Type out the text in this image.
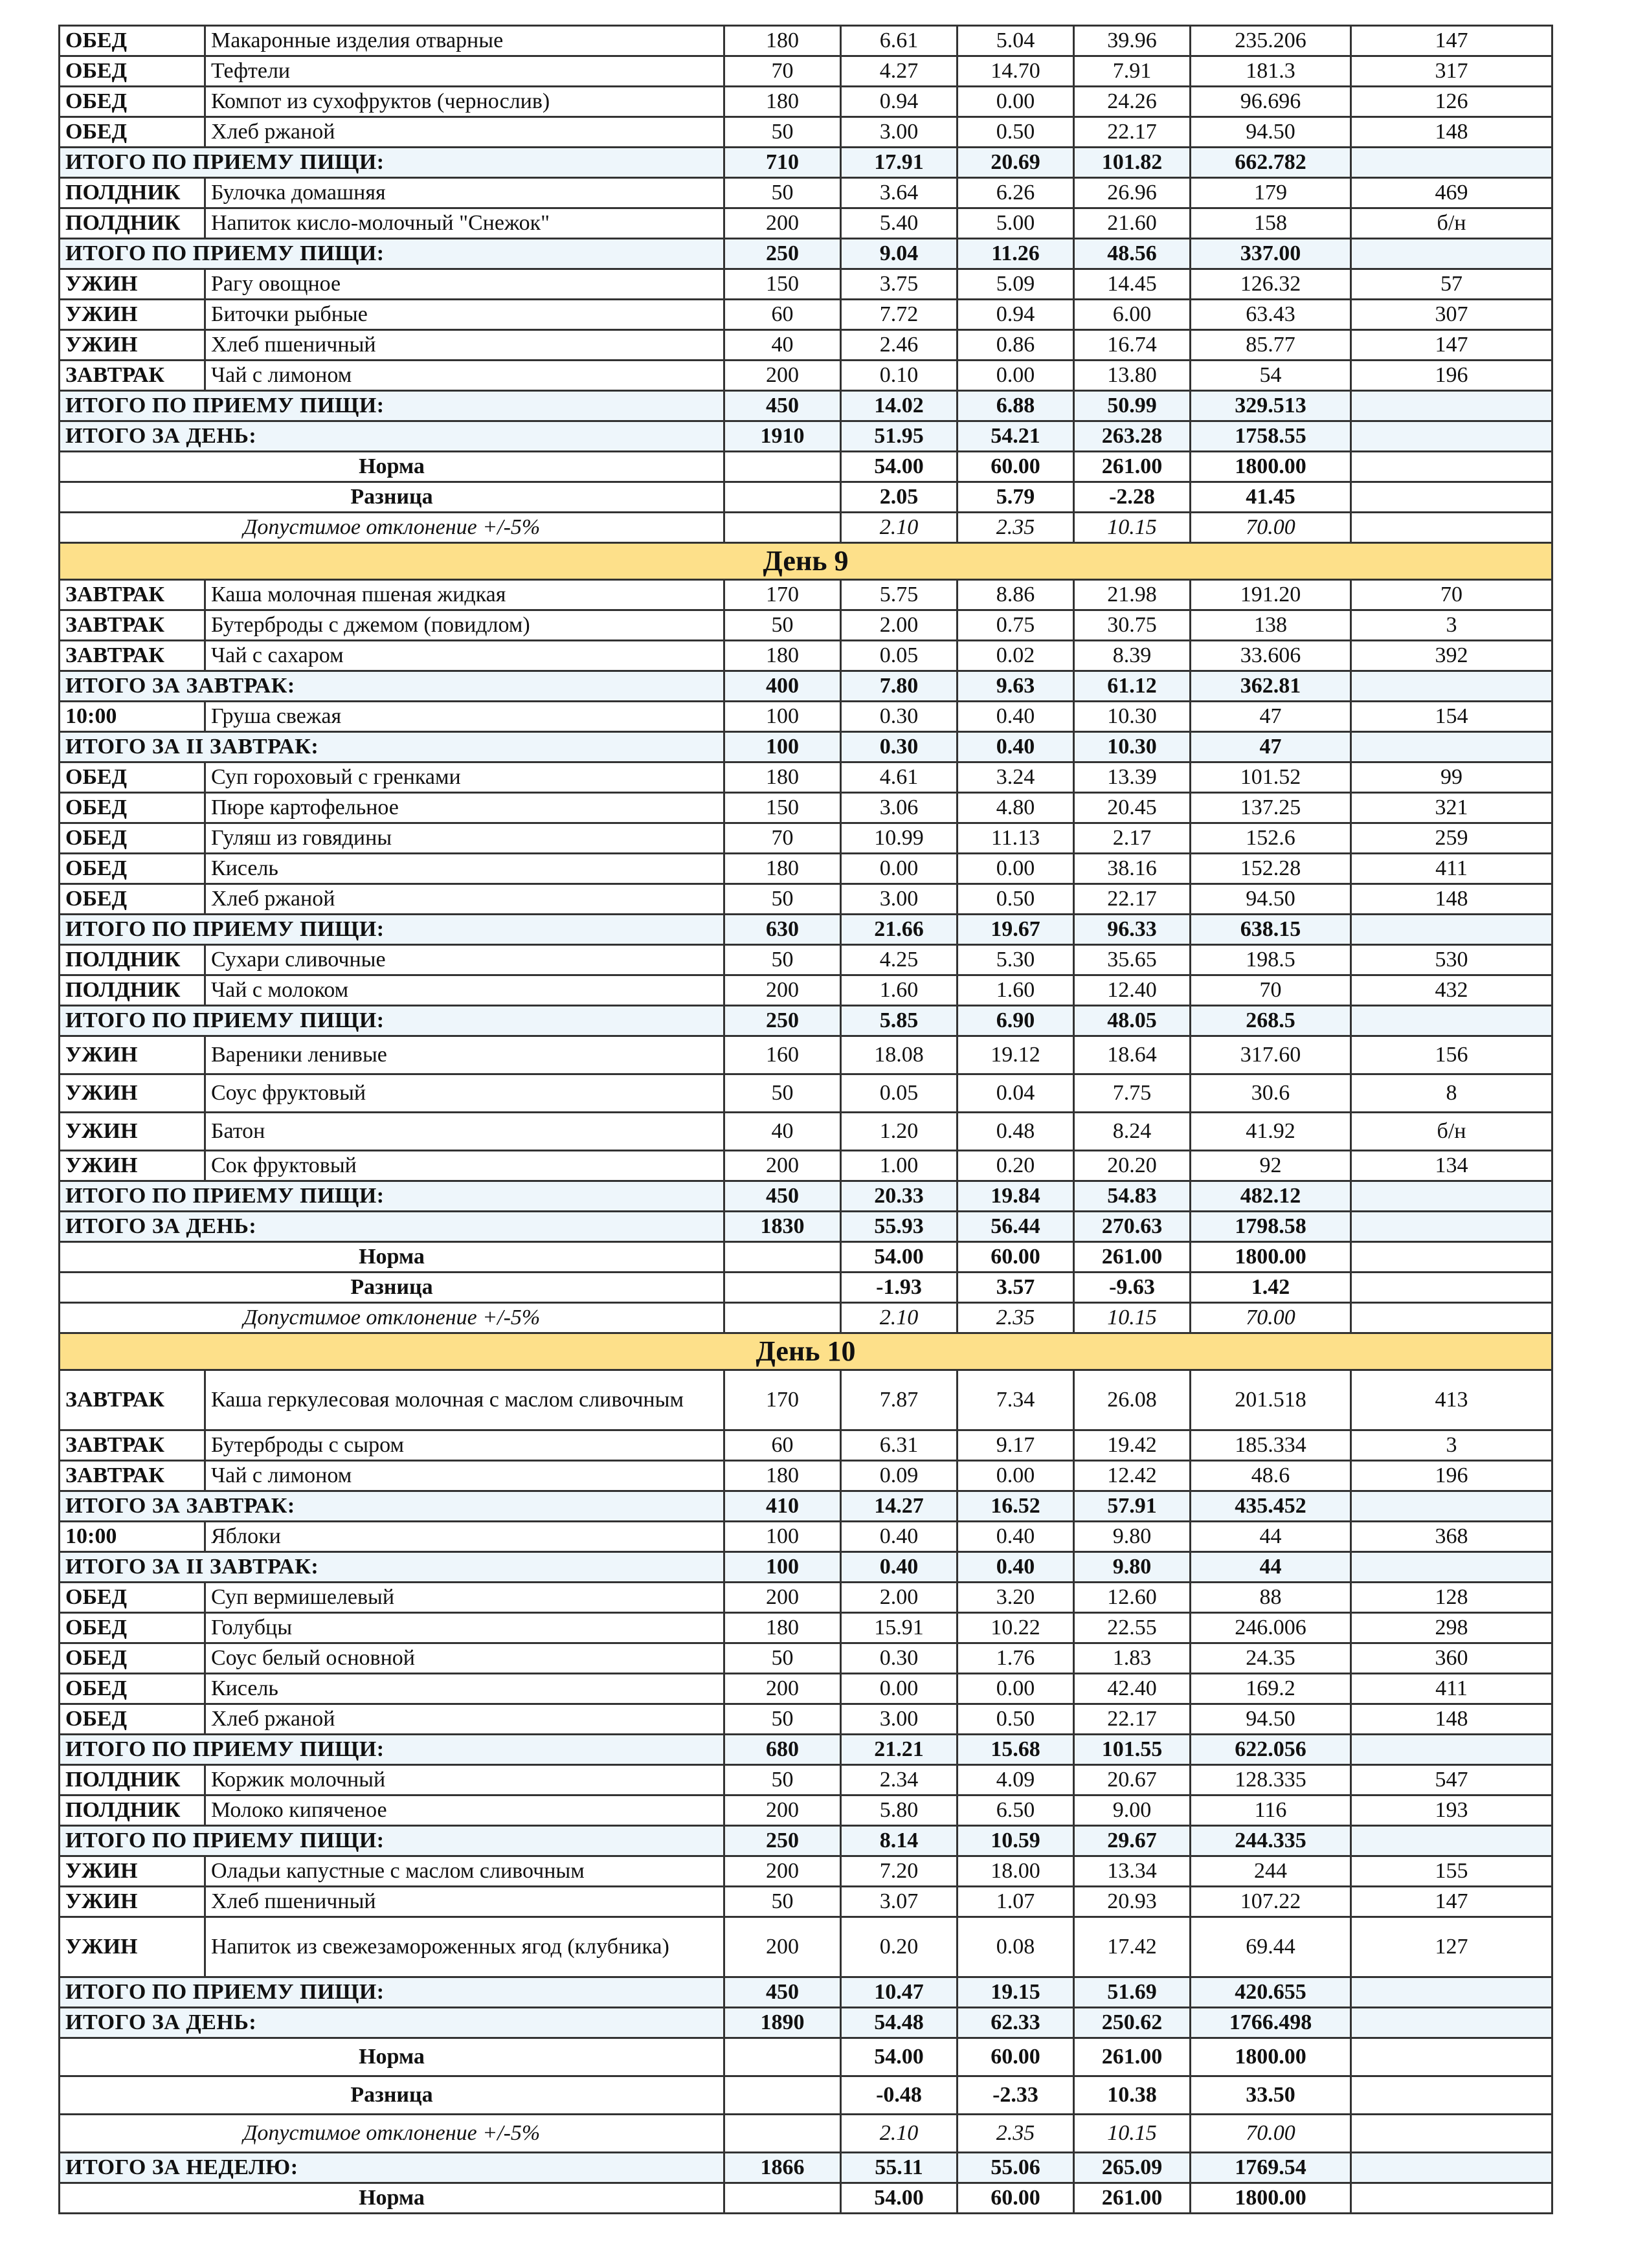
ОБЕД	Макаронные изделия отварные	180	6.61	5.04	39.96	235.206	147
ОБЕД	Тефтели	70	4.27	14.70	7.91	181.3	317
ОБЕД	Компот из сухофруктов (чернослив)	180	0.94	0.00	24.26	96.696	126
ОБЕД	Хлеб ржаной	50	3.00	0.50	22.17	94.50	148
ИТОГО ПО ПРИЕМУ ПИЩИ:		710	17.91	20.69	101.82	662.782	
ПОЛДНИК	Булочка домашняя	50	3.64	6.26	26.96	179	469
ПОЛДНИК	Напиток кисло-молочный "Снежок"	200	5.40	5.00	21.60	158	б/н
ИТОГО ПО ПРИЕМУ ПИЩИ:		250	9.04	11.26	48.56	337.00	
УЖИН	Рагу овощное	150	3.75	5.09	14.45	126.32	57
УЖИН	Биточки рыбные	60	7.72	0.94	6.00	63.43	307
УЖИН	Хлеб пшеничный	40	2.46	0.86	16.74	85.77	147
ЗАВТРАК	Чай с лимоном	200	0.10	0.00	13.80	54	196
ИТОГО ПО ПРИЕМУ ПИЩИ:		450	14.02	6.88	50.99	329.513	
ИТОГО ЗА ДЕНЬ:		1910	51.95	54.21	263.28	1758.55	
Норма			54.00	60.00	261.00	1800.00	
Разница			2.05	5.79	-2.28	41.45	
Допустимое отклонение +/-5%			2.10	2.35	10.15	70.00	
День 9							
ЗАВТРАК	Каша молочная пшеная жидкая	170	5.75	8.86	21.98	191.20	70
ЗАВТРАК	Бутерброды с джемом (повидлом)	50	2.00	0.75	30.75	138	3
ЗАВТРАК	Чай с сахаром	180	0.05	0.02	8.39	33.606	392
ИТОГО ЗА ЗАВТРАК:		400	7.80	9.63	61.12	362.81	
10:00	Груша свежая	100	0.30	0.40	10.30	47	154
ИТОГО ЗА II ЗАВТРАК:		100	0.30	0.40	10.30	47	
ОБЕД	Суп гороховый с гренками	180	4.61	3.24	13.39	101.52	99
ОБЕД	Пюре картофельное	150	3.06	4.80	20.45	137.25	321
ОБЕД	Гуляш из говядины	70	10.99	11.13	2.17	152.6	259
ОБЕД	Кисель	180	0.00	0.00	38.16	152.28	411
ОБЕД	Хлеб ржаной	50	3.00	0.50	22.17	94.50	148
ИТОГО ПО ПРИЕМУ ПИЩИ:		630	21.66	19.67	96.33	638.15	
ПОЛДНИК	Сухари сливочные	50	4.25	5.30	35.65	198.5	530
ПОЛДНИК	Чай с молоком	200	1.60	1.60	12.40	70	432
ИТОГО ПО ПРИЕМУ ПИЩИ:		250	5.85	6.90	48.05	268.5	
УЖИН	Вареники ленивые	160	18.08	19.12	18.64	317.60	156
УЖИН	Соус фруктовый	50	0.05	0.04	7.75	30.6	8
УЖИН	Батон	40	1.20	0.48	8.24	41.92	б/н
УЖИН	Сок фруктовый	200	1.00	0.20	20.20	92	134
ИТОГО ПО ПРИЕМУ ПИЩИ:		450	20.33	19.84	54.83	482.12	
ИТОГО ЗА ДЕНЬ:		1830	55.93	56.44	270.63	1798.58	
Норма			54.00	60.00	261.00	1800.00	
Разница			-1.93	3.57	-9.63	1.42	
Допустимое отклонение +/-5%			2.10	2.35	10.15	70.00	
День 10							
ЗАВТРАК	Каша геркулесовая молочная с маслом сливочным	170	7.87	7.34	26.08	201.518	413
ЗАВТРАК	Бутерброды с сыром	60	6.31	9.17	19.42	185.334	3
ЗАВТРАК	Чай с лимоном	180	0.09	0.00	12.42	48.6	196
ИТОГО ЗА ЗАВТРАК:		410	14.27	16.52	57.91	435.452	
10:00	Яблоки	100	0.40	0.40	9.80	44	368
ИТОГО ЗА II ЗАВТРАК:		100	0.40	0.40	9.80	44	
ОБЕД	Суп вермишелевый	200	2.00	3.20	12.60	88	128
ОБЕД	Голубцы	180	15.91	10.22	22.55	246.006	298
ОБЕД	Соус белый основной	50	0.30	1.76	1.83	24.35	360
ОБЕД	Кисель	200	0.00	0.00	42.40	169.2	411
ОБЕД	Хлеб ржаной	50	3.00	0.50	22.17	94.50	148
ИТОГО ПО ПРИЕМУ ПИЩИ:		680	21.21	15.68	101.55	622.056	
ПОЛДНИК	Коржик молочный	50	2.34	4.09	20.67	128.335	547
ПОЛДНИК	Молоко кипяченое	200	5.80	6.50	9.00	116	193
ИТОГО ПО ПРИЕМУ ПИЩИ:		250	8.14	10.59	29.67	244.335	
УЖИН	Оладьи капустные с маслом сливочным	200	7.20	18.00	13.34	244	155
УЖИН	Хлеб пшеничный	50	3.07	1.07	20.93	107.22	147
УЖИН	Напиток из свежезамороженных ягод (клубника)	200	0.20	0.08	17.42	69.44	127
ИТОГО ПО ПРИЕМУ ПИЩИ:		450	10.47	19.15	51.69	420.655	
ИТОГО ЗА ДЕНЬ:		1890	54.48	62.33	250.62	1766.498	
Норма			54.00	60.00	261.00	1800.00	
Разница			-0.48	-2.33	10.38	33.50	
Допустимое отклонение +/-5%			2.10	2.35	10.15	70.00	
ИТОГО ЗА НЕДЕЛЮ:		1866	55.11	55.06	265.09	1769.54	
Норма			54.00	60.00	261.00	1800.00	
